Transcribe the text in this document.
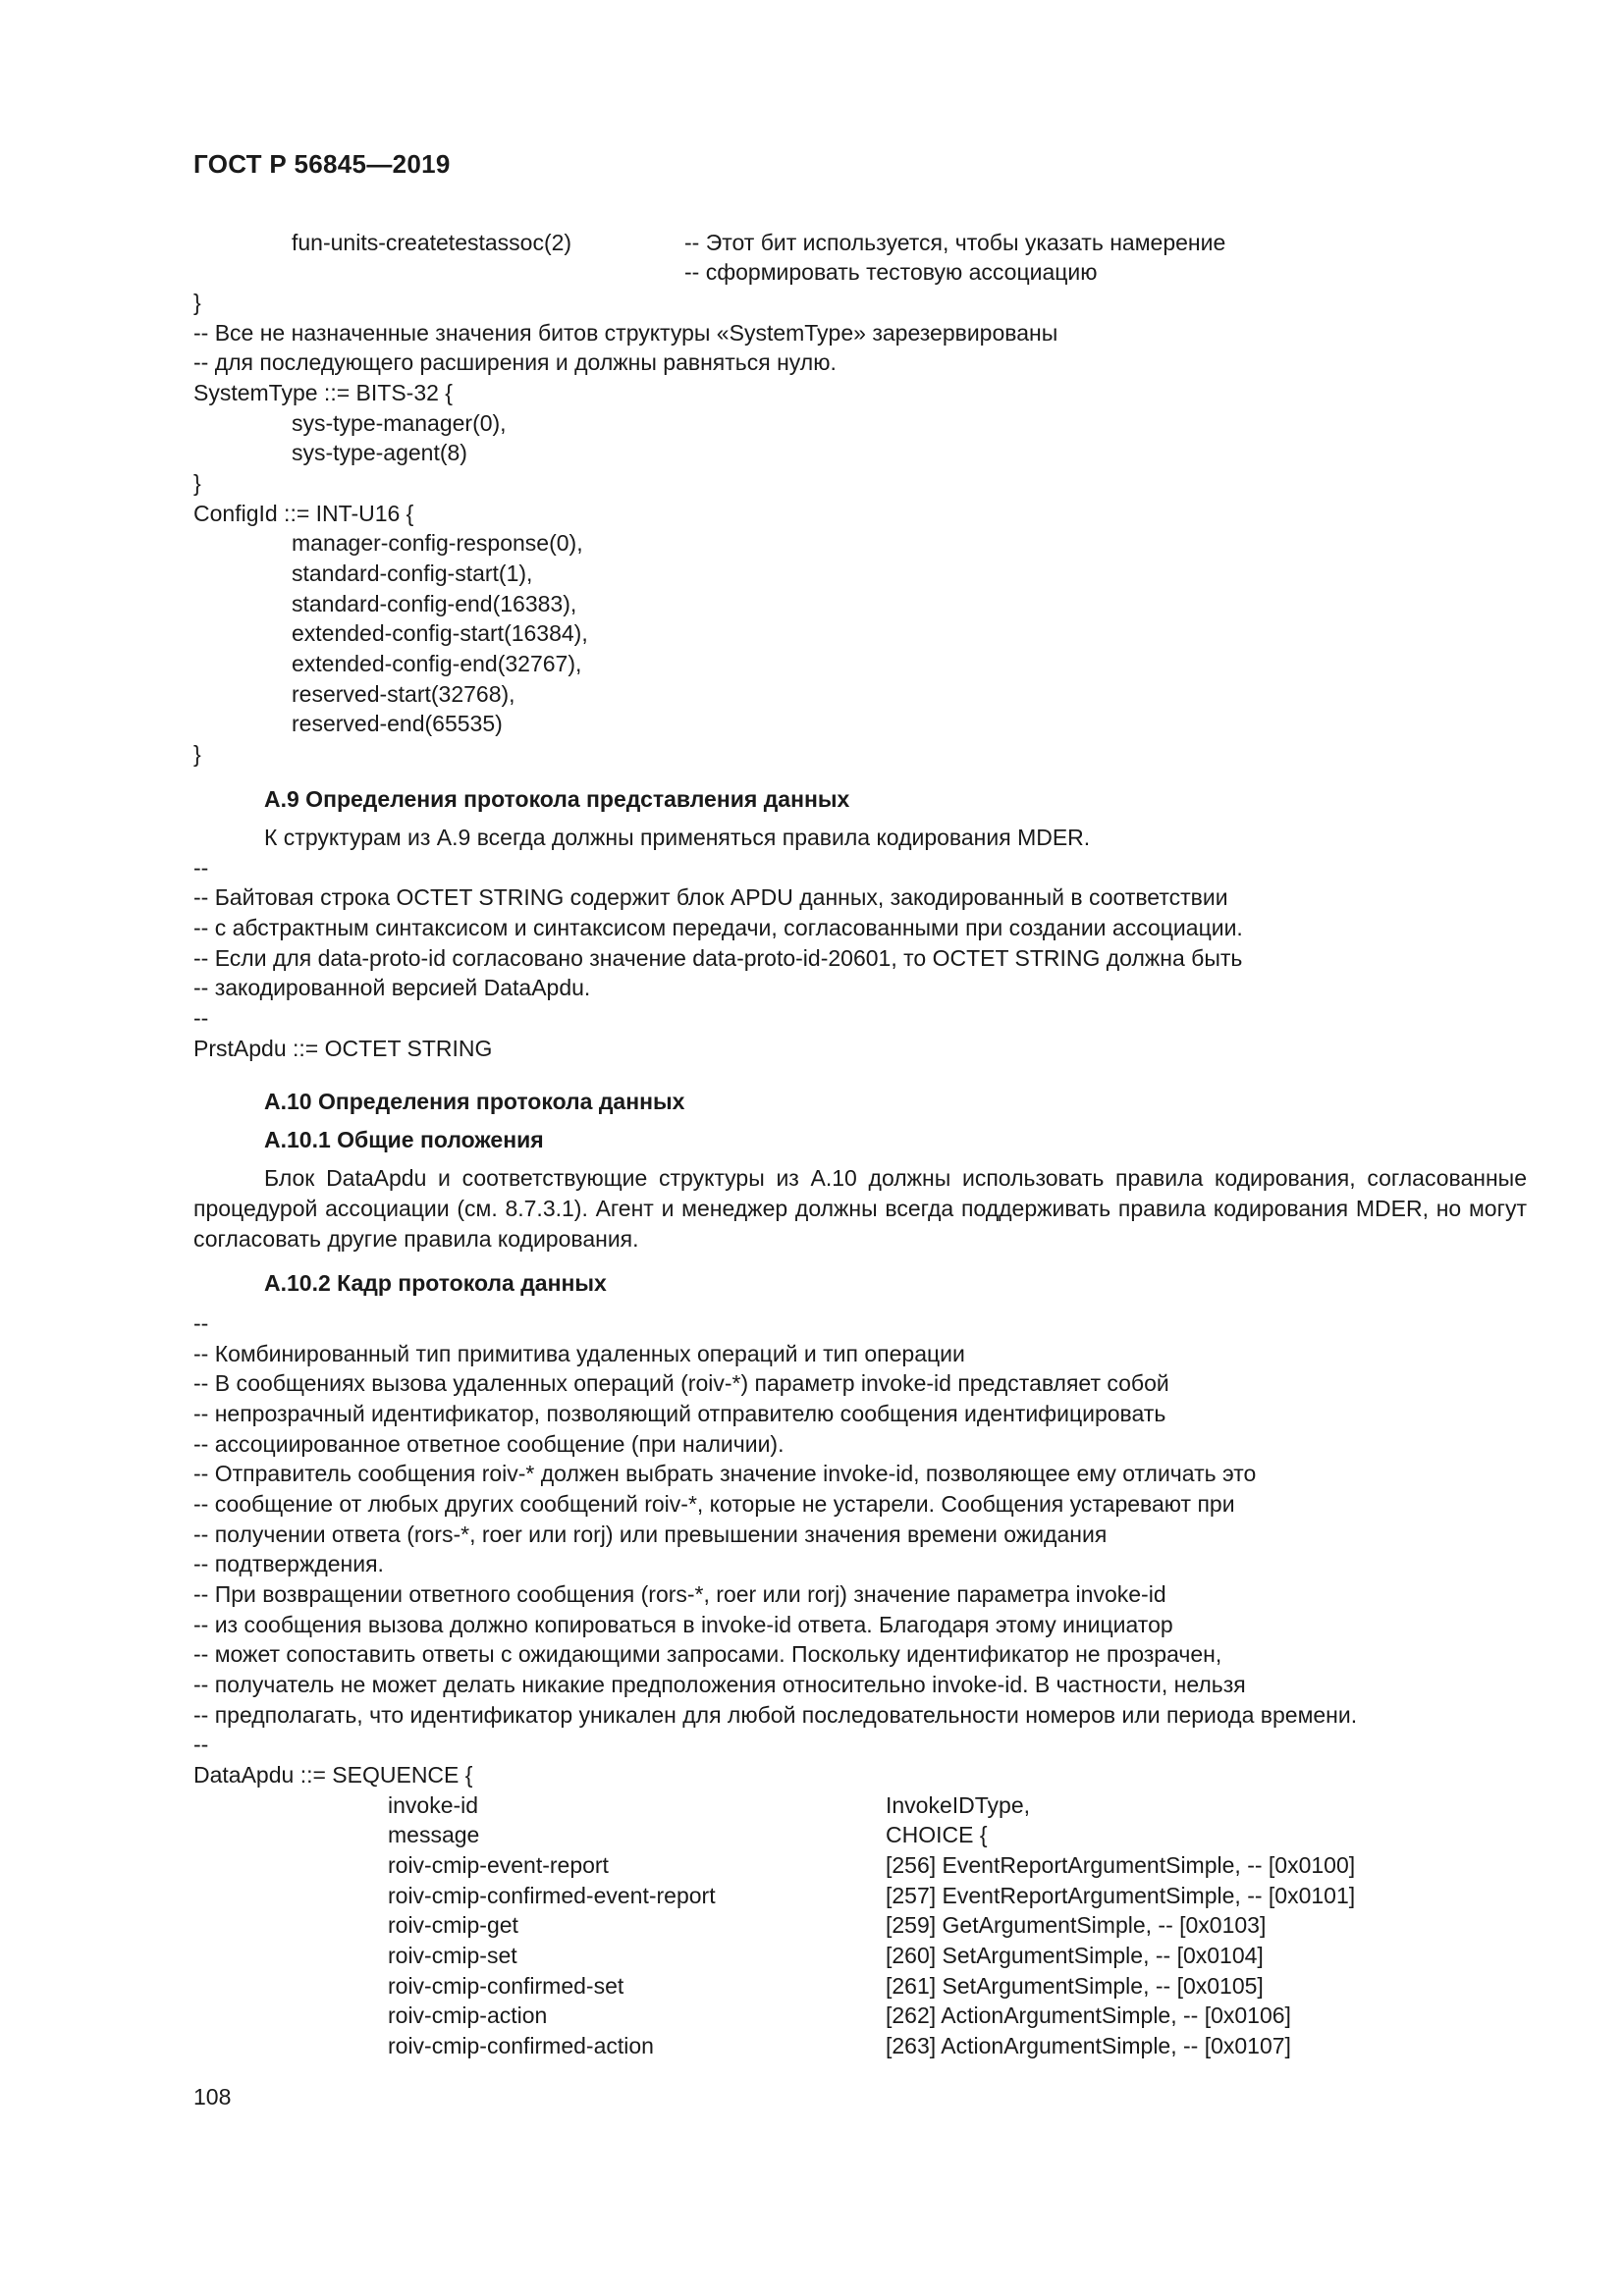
ГОСТ Р 56845—2019
fun-units-createtestassoc(2)	-- Этот бит используется, чтобы указать намерение
-- сформировать тестовую ассоциацию
}
-- Все не назначенные значения битов структуры «SystemType» зарезервированы
-- для последующего расширения и должны равняться нулю.
SystemType ::= BITS-32 {
sys-type-manager(0),
sys-type-agent(8)
}
ConfigId ::= INT-U16 {
manager-config-response(0),
standard-config-start(1),
standard-config-end(16383),
extended-config-start(16384),
extended-config-end(32767),
reserved-start(32768),
reserved-end(65535)
}
А.9 Определения протокола представления данных
К структурам из А.9 всегда должны применяться правила кодирования MDER.
--
-- Байтовая строка OCTET STRING содержит блок APDU данных, закодированный в соответствии
-- с абстрактным синтаксисом и синтаксисом передачи, согласованными при создании ассоциации.
-- Если для data-proto-id согласовано значение data-proto-id-20601, то OCTET STRING должна быть
-- закодированной версией DataApdu.
--
PrstApdu ::= OCTET STRING
А.10 Определения протокола данных
А.10.1 Общие положения
Блок DataApdu и соответствующие структуры из А.10 должны использовать правила кодирования, согласованные процедурой ассоциации (см. 8.7.3.1). Агент и менеджер должны всегда поддерживать правила кодирования MDER, но могут согласовать другие правила кодирования.
А.10.2 Кадр протокола данных
--
-- Комбинированный тип примитива удаленных операций и тип операции
-- В сообщениях вызова удаленных операций (roiv-*) параметр invoke-id представляет собой
-- непрозрачный идентификатор, позволяющий отправителю сообщения идентифицировать
-- ассоциированное ответное сообщение (при наличии).
-- Отправитель сообщения roiv-* должен выбрать значение invoke-id, позволяющее ему отличать это
-- сообщение от любых других сообщений roiv-*, которые не устарели. Сообщения устаревают при
-- получении ответа (rors-*, roer или rorj) или превышении значения времени ожидания
-- подтверждения.
-- При возвращении ответного сообщения (rors-*, roer или rorj) значение параметра invoke-id
-- из сообщения вызова должно копироваться в invoke-id ответа. Благодаря этому инициатор
-- может сопоставить ответы с ожидающими запросами. Поскольку идентификатор не прозрачен,
-- получатель не может делать никакие предположения относительно invoke-id. В частности, нельзя
-- предполагать, что идентификатор уникален для любой последовательности номеров или периода времени.
--
DataApdu ::= SEQUENCE {
invoke-id	InvokeIDType,
message	CHOICE {
roiv-cmip-event-report	[256] EventReportArgumentSimple, -- [0x0100]
roiv-cmip-confirmed-event-report	[257] EventReportArgumentSimple, -- [0x0101]
roiv-cmip-get	[259] GetArgumentSimple, -- [0x0103]
roiv-cmip-set	[260] SetArgumentSimple, -- [0x0104]
roiv-cmip-confirmed-set	[261] SetArgumentSimple, -- [0x0105]
roiv-cmip-action	[262] ActionArgumentSimple, -- [0x0106]
roiv-cmip-confirmed-action	[263] ActionArgumentSimple, -- [0x0107]
108
